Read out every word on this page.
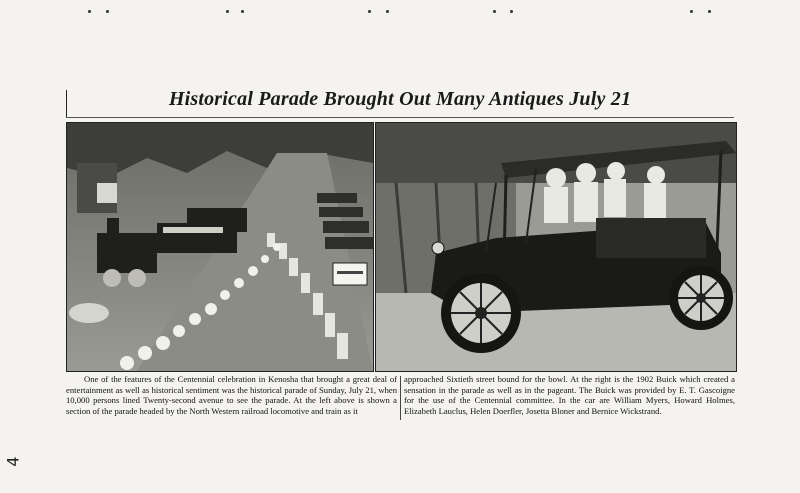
Historical Parade Brought Out Many Antiques July 21
One of the features of the Centennial celebration in Kenosha that brought a great deal of entertainment as well as historical sentiment was the historical parade of Sunday, July 21, when 10,000 persons lined Twenty-second avenue to see the parade. At the left above is shown a section of the parade headed by the North Western railroad locomotive and train as it
approached Sixtieth street bound for the bowl. At the right is the 1902 Buick which created a sensation in the parade as well as in the pageant. The Buick was provided by E. T. Gascoigne for the use of the Centennial committee. In the car are William Myers, Howard Holmes, Elizabeth Lauclus, Helen Doerfler, Josetta Bloner and Bernice Wickstrand.
4
